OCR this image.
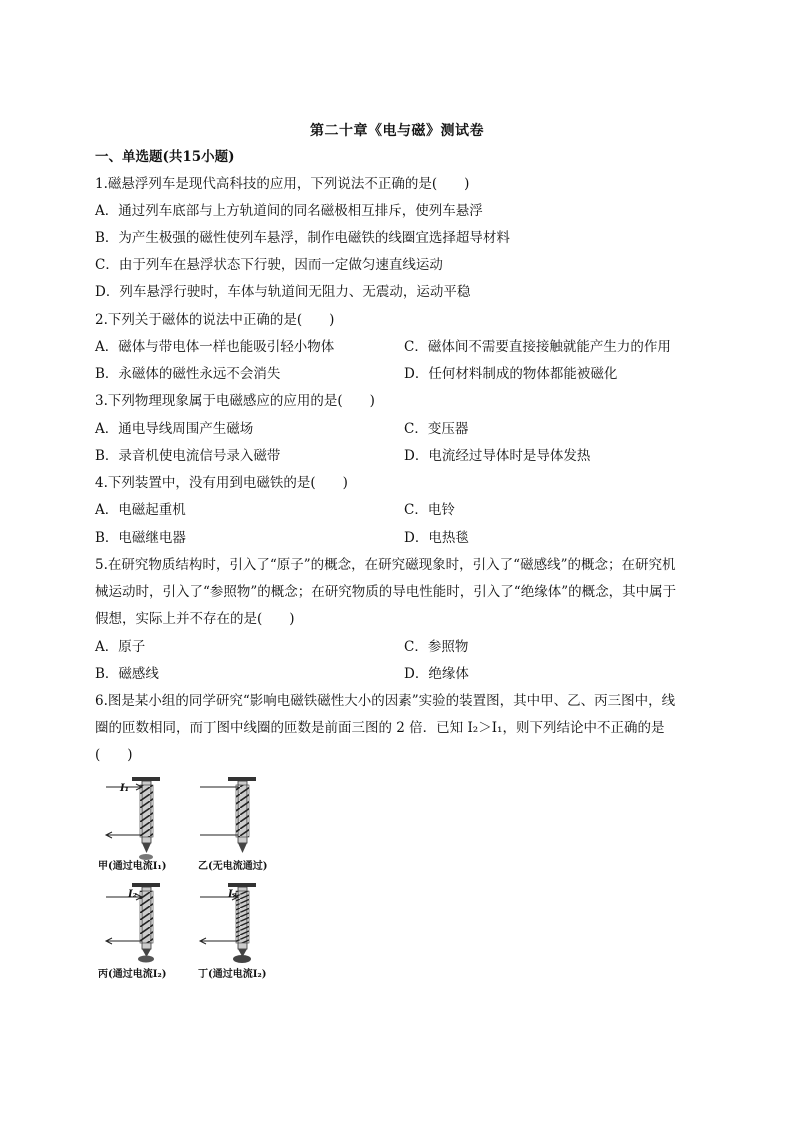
第二十章《电与磁》测试卷
一、单选题(共15小题)
1.磁悬浮列车是现代高科技的应用，下列说法不正确的是(　　)
A．通过列车底部与上方轨道间的同名磁极相互排斥，使列车悬浮
B．为产生极强的磁性使列车悬浮，制作电磁铁的线圈宜选择超导材料
C．由于列车在悬浮状态下行驶，因而一定做匀速直线运动
D．列车悬浮行驶时，车体与轨道间无阻力、无震动，运动平稳
2.下列关于磁体的说法中正确的是(　　)
A．磁体与带电体一样也能吸引轻小物体	C．磁体间不需要直接接触就能产生力的作用
B．永磁体的磁性永远不会消失	D．任何材料制成的物体都能被磁化
3.下列物理现象属于电磁感应的应用的是(　　)
A．通电导线周围产生磁场	C．变压器
B．录音机使电流信号录入磁带	D．电流经过导体时是导体发热
4.下列装置中，没有用到电磁铁的是(　　)
A．电磁起重机	C．电铃
B．电磁继电器	D．电热毯
5.在研究物质结构时，引入了“原子”的概念，在研究磁现象时，引入了“磁感线”的概念；在研究机
械运动时，引入了“参照物”的概念；在研究物质的导电性能时，引入了“绝缘体”的概念，其中属于
假想，实际上并不存在的是(　　)
A．原子	C．参照物
B．磁感线	D．绝缘体
6.图是某小组的同学研究“影响电磁铁磁性大小的因素”实验的装置图，其中甲、乙、丙三图中，线
圈的匝数相同，而丁图中线圈的匝数是前面三图的 2 倍．已知 I₂＞I₁，则下列结论中不正确的是
(　　)
I₁
I₂	I₂
甲(通过电流I₁)	乙(无电流通过)
丙(通过电流I₂)	丁(通过电流I₂)
